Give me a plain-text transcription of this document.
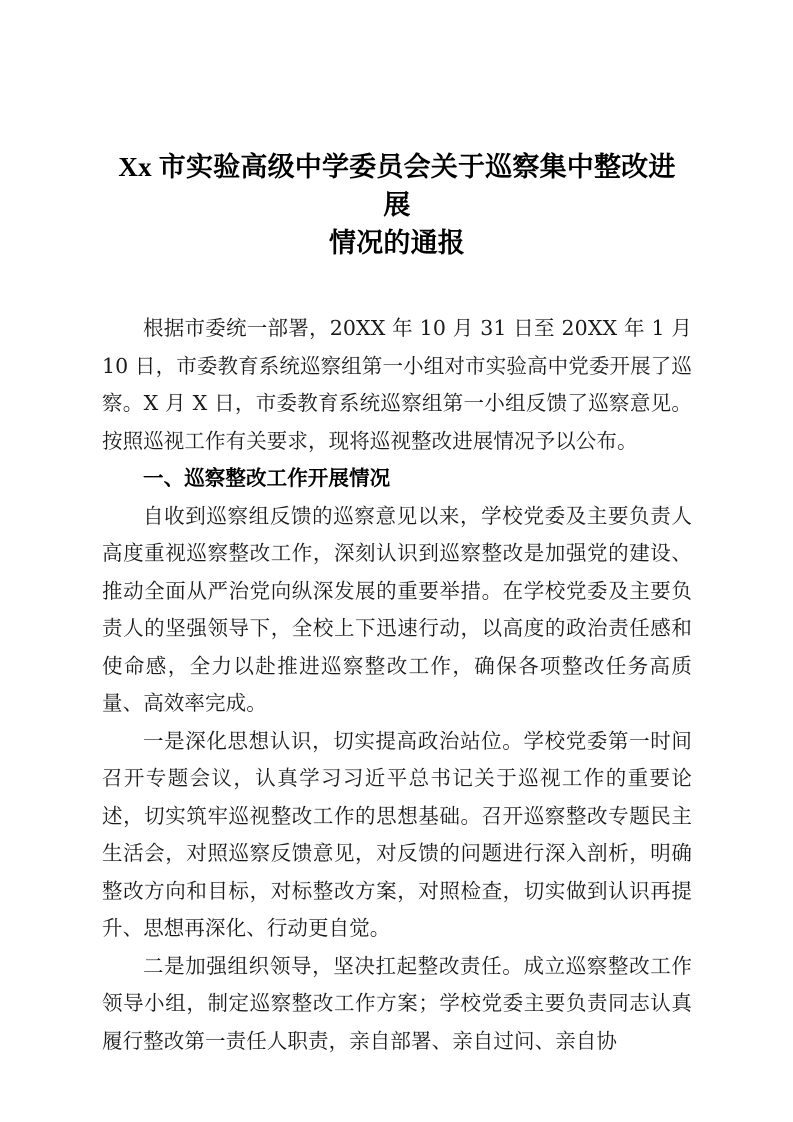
Xx 市实验高级中学委员会关于巡察集中整改进展
情况的通报

根据市委统一部署，20XX 年 10 月 31 日至 20XX 年 1 月 10 日，市委教育系统巡察组第一小组对市实验高中党委开展了巡察。X 月 X 日，市委教育系统巡察组第一小组反馈了巡察意见。按照巡视工作有关要求，现将巡视整改进展情况予以公布。

一、巡察整改工作开展情况

自收到巡察组反馈的巡察意见以来，学校党委及主要负责人高度重视巡察整改工作，深刻认识到巡察整改是加强党的建设、推动全面从严治党向纵深发展的重要举措。在学校党委及主要负责人的坚强领导下，全校上下迅速行动，以高度的政治责任感和使命感，全力以赴推进巡察整改工作，确保各项整改任务高质量、高效率完成。

一是深化思想认识，切实提高政治站位。学校党委第一时间召开专题会议，认真学习习近平总书记关于巡视工作的重要论述，切实筑牢巡视整改工作的思想基础。召开巡察整改专题民主生活会，对照巡察反馈意见，对反馈的问题进行深入剖析，明确整改方向和目标，对标整改方案，对照检查，切实做到认识再提升、思想再深化、行动更自觉。

二是加强组织领导，坚决扛起整改责任。成立巡察整改工作领导小组，制定巡察整改工作方案；学校党委主要负责同志认真履行整改第一责任人职责，亲自部署、亲自过问、亲自协
